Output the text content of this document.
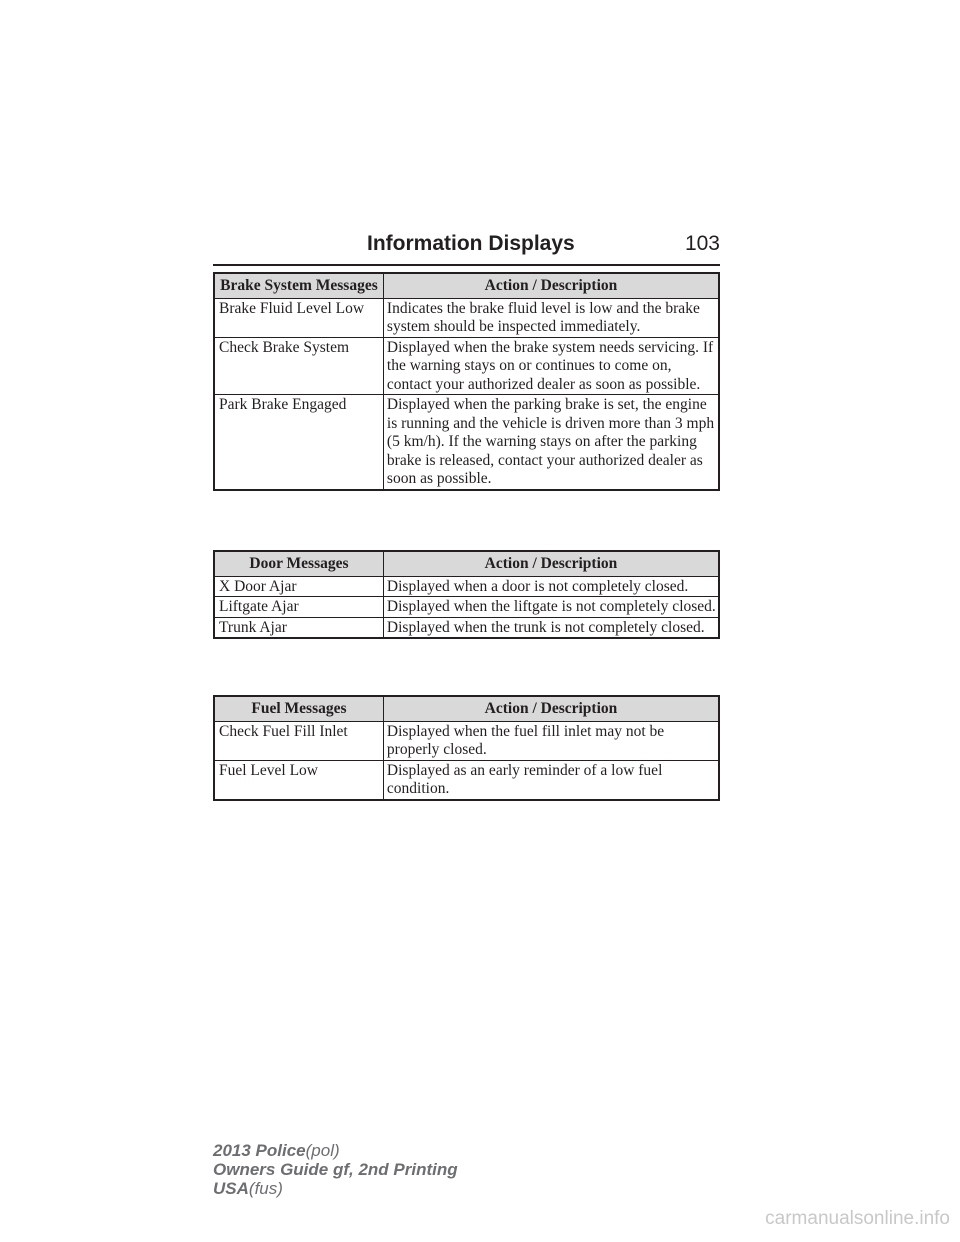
Information Displays	103
Brake System Messages	Action / Description
Brake Fluid Level Low	Indicates the brake fluid level is low and the brake system should be inspected immediately.
Check Brake System	Displayed when the brake system needs servicing. If the warning stays on or continues to come on, contact your authorized dealer as soon as possible.
Park Brake Engaged	Displayed when the parking brake is set, the engine is running and the vehicle is driven more than 3 mph (5 km/h). If the warning stays on after the parking brake is released, contact your authorized dealer as soon as possible.
Door Messages	Action / Description
X Door Ajar	Displayed when a door is not completely closed.
Liftgate Ajar	Displayed when the liftgate is not completely closed.
Trunk Ajar	Displayed when the trunk is not completely closed.
Fuel Messages	Action / Description
Check Fuel Fill Inlet	Displayed when the fuel fill inlet may not be properly closed.
Fuel Level Low	Displayed as an early reminder of a low fuel condition.
2013 Police(pol)
Owners Guide gf, 2nd Printing
USA(fus)
carmanualsonline.info
